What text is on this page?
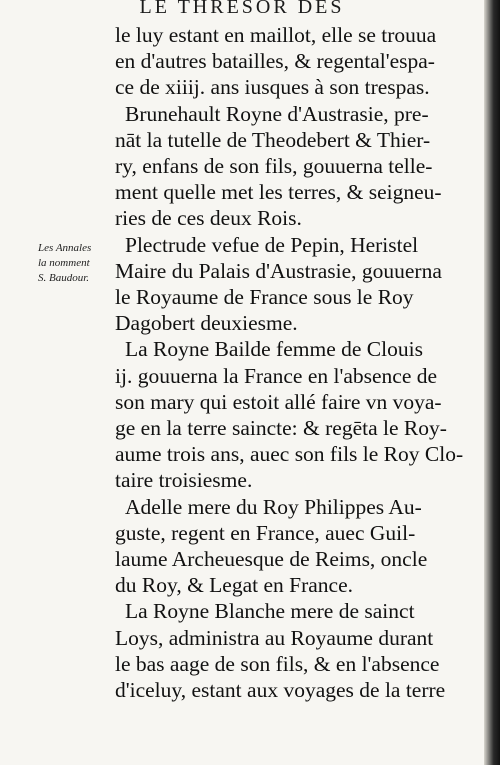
LE THRESOR DES
Les Annales
la nomment
S. Baudour.
le luy estant en maillot, elle se trouua
en d'autres batailles, & regental'espa-
ce de xiiij. ans iusques à son trespas.
Brunehault Royne d'Austrasie, pre-
nāt la tutelle de Theodebert & Thier-
ry, enfans de son fils, gouuerna telle-
ment quelle met les terres, & seigneu-
ries de ces deux Rois.
Plectrude vefue de Pepin, Heristel
Maire du Palais d'Austrasie, gouuerna
le Royaume de France sous le Roy
Dagobert deuxiesme.
La Royne Bailde femme de Clouis
ij. gouuerna la France en l'absence de
son mary qui estoit allé faire vn voya-
ge en la terre saincte: & regēta le Roy-
aume trois ans, auec son fils le Roy Clo-
taire troisiesme.
Adelle mere du Roy Philippes Au-
guste, regent en France, auec Guil-
laume Archeuesque de Reims, oncle
du Roy, & Legat en France.
La Royne Blanche mere de sainct
Loys, administra au Royaume durant
le bas aage de son fils, & en l'absence
d'iceluy, estant aux voyages de la terre
